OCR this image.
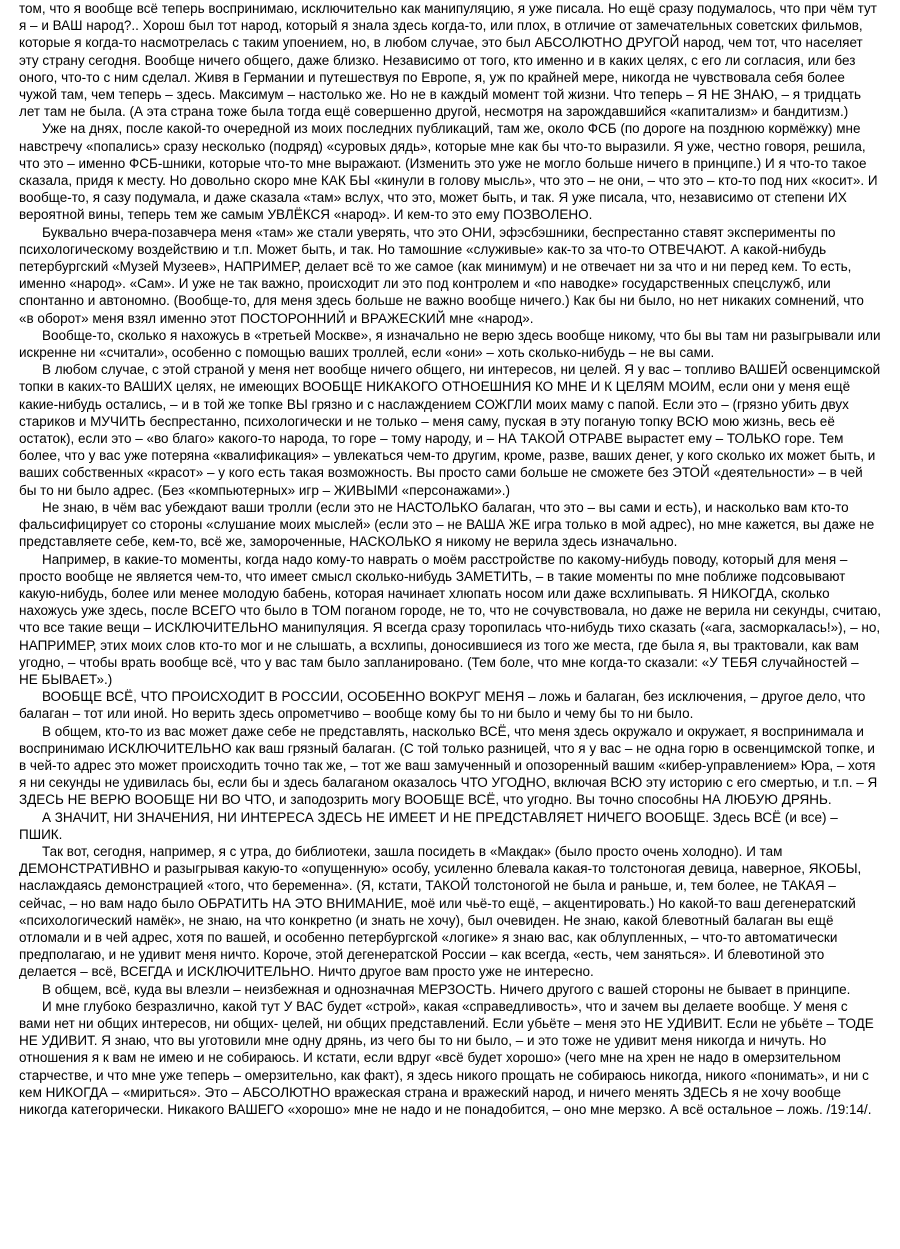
том, что я вообще всё теперь воспринимаю, исключительно как манипуляцию, я уже писала. Но ещё сразу подумалось, что при чём тут я – и ВАШ народ?.. Хорош был тот народ, который я знала здесь когда-то, или плох, в отличие от замечательных советских фильмов, которые я когда-то насмотрелась с таким упоением, но, в любом случае, это был АБСОЛЮТНО ДРУГОЙ народ, чем тот, что населяет эту страну сегодня. Вообще ничего общего, даже близко. Независимо от того, кто именно и в каких целях, с его ли согласия, или без оного, что-то с ним сделал. Живя в Германии и путешествуя по Европе, я, уж по крайней мере, никогда не чувствовала себя более чужой там, чем теперь – здесь. Максимум – настолько же. Но не в каждый момент той жизни. Что теперь – Я НЕ ЗНАЮ, – я тридцать лет там не была. (А эта страна тоже была тогда ещё совершенно другой, несмотря на зарождавшийся «капитализм» и бандитизм.)

Уже на днях, после какой-то очередной из моих последних публикаций, там же, около ФСБ (по дороге на позднюю кормёжку) мне навстречу «попались» сразу несколько (подряд) «суровых дядь», которые мне как бы что-то выразили. Я уже, честно говоря, решила, что это – именно ФСБ-шники, которые что-то мне выражают. (Изменить это уже не могло больше ничего в принципе.) И я что-то такое сказала, придя к месту. Но довольно скоро мне КАК БЫ «кинули в голову мысль», что это – не они, – что это – кто-то под них «косит». И вообще-то, я сазу подумала, и даже сказала «там» вслух, что это, может быть, и так. Я уже писала, что, независимо от степени ИХ вероятной вины, теперь тем же самым УВЛЁКСЯ «народ». И кем-то это ему ПОЗВОЛЕНО.

Буквально вчера-позавчера меня «там» же стали уверять, что это ОНИ, эфэсбэшники, беспрестанно ставят эксперименты по психологическому воздействию и т.п. Может быть, и так. Но тамошние «служивые» как-то за что-то ОТВЕЧАЮТ. А какой-нибудь петербургский «Музей Музеев», НАПРИМЕР, делает всё то же самое (как минимум) и не отвечает ни за что и ни перед кем. То есть, именно «народ». «Сам». И уже не так важно, происходит ли это под контролем и «по наводке» государственных спецслужб, или спонтанно и автономно. (Вообще-то, для меня здесь больше не важно вообще ничего.) Как бы ни было, но нет никаких сомнений, что «в оборот» меня взял именно этот ПОСТОРОННИЙ и ВРАЖЕСКИЙ мне «народ».

Вообще-то, сколько я нахожусь в «третьей Москве», я изначально не верю здесь вообще никому, что бы вы там ни разыгрывали или искренне ни «считали», особенно с помощью ваших троллей, если «они» – хоть сколько-нибудь – не вы сами.

В любом случае, с этой страной у меня нет вообще ничего общего, ни интересов, ни целей. Я у вас – топливо ВАШЕЙ освенцимской топки в каких-то ВАШИХ целях, не имеющих ВООБЩЕ НИКАКОГО ОТНОЕШНИЯ КО МНЕ И К ЦЕЛЯМ МОИМ, если они у меня ещё какие-нибудь остались, – и в той же топке ВЫ грязно и с наслаждением СОЖГЛИ моих маму с папой. Если это – (грязно убить двух стариков и МУЧИТЬ беспрестанно, психологически и не только – меня саму, пуская в эту поганую топку ВСЮ мою жизнь, весь её остаток), если это – «во благо» какого-то народа, то горе – тому народу, и – НА ТАКОЙ ОТРАВЕ вырастет ему – ТОЛЬКО горе. Тем более, что у вас уже потеряна «квалификация» – увлекаться чем-то другим, кроме, разве, ваших денег, у кого сколько их может быть, и ваших собственных «красот» – у кого есть такая возможность. Вы просто сами больше не сможете без ЭТОЙ «деятельности» – в чей бы то ни было адрес. (Без «компьютерных» игр – ЖИВЫМИ «персонажами».)

Не знаю, в чём вас убеждают ваши тролли (если это не НАСТОЛЬКО балаган, что это – вы сами и есть), и насколько вам кто-то фальсифицирует со стороны «слушание моих мыслей» (если это – не ВАША ЖЕ игра только в мой адрес), но мне кажется, вы даже не представляете себе, кем-то, всё же, замороченные, НАСКОЛЬКО я никому не верила здесь изначально.

Например, в какие-то моменты, когда надо кому-то наврать о моём расстройстве по какому-нибудь поводу, который для меня – просто вообще не является чем-то, что имеет смысл сколько-нибудь ЗАМЕТИТЬ, – в такие моменты по мне поближе подсовывают какую-нибудь, более или менее молодую бабень, которая начинает хлюпать носом или даже всхлипывать. Я НИКОГДА, сколько нахожусь уже здесь, после ВСЕГО что было в ТОМ поганом городе, не то, что не сочувствовала, но даже не верила ни секунды, считаю, что все такие вещи – ИСКЛЮЧИТЕЛЬНО манипуляция. Я всегда сразу торопилась что-нибудь тихо сказать («ага, засморкалась!»), – но, НАПРИМЕР, этих моих слов кто-то мог и не слышать, а всхлипы, доносившиеся из того же места, где была я, вы трактовали, как вам угодно, – чтобы врать вообще всё, что у вас там было запланировано. (Тем боле, что мне когда-то сказали: «У ТЕБЯ случайностей – НЕ БЫВАЕТ».)

ВООБЩЕ ВСЁ, ЧТО ПРОИСХОДИТ В РОССИИ, ОСОБЕННО ВОКРУГ МЕНЯ – ложь и балаган, без исключения, – другое дело, что балаган – тот или иной. Но верить здесь опрометчиво – вообще кому бы то ни было и чему бы то ни было.

В общем, кто-то из вас может даже себе не представлять, насколько ВСЁ, что меня здесь окружало и окружает, я воспринимала и воспринимаю ИСКЛЮЧИТЕЛЬНО как ваш грязный балаган. (С той только разницей, что я у вас – не одна горю в освенцимской топке, и в чей-то адрес это может происходить точно так же, – тот же ваш замученный и опозоренный вашим «кибер-управлением» Юра, – хотя я ни секунды не удивилась бы, если бы и здесь балаганом оказалось ЧТО УГОДНО, включая ВСЮ эту историю с его смертью, и т.п. – Я ЗДЕСЬ НЕ ВЕРЮ ВООБЩЕ НИ ВО ЧТО, и заподозрить могу ВООБЩЕ ВСЁ, что угодно. Вы точно способны НА ЛЮБУЮ ДРЯНЬ.

А ЗНАЧИТ, НИ ЗНАЧЕНИЯ, НИ ИНТЕРЕСА ЗДЕСЬ НЕ ИМЕЕТ И НЕ ПРЕДСТАВЛЯЕТ НИЧЕГО ВООБЩЕ. Здесь ВСЁ (и все) – ПШИК.

Так вот, сегодня, например, я с утра, до библиотеки, зашла посидеть в «Макдак» (было просто очень холодно). И там ДЕМОНСТРАТИВНО и разыгрывая какую-то «опущенную» особу, усиленно блевала какая-то толстоногая девица, наверное, ЯКОБЫ, наслаждаясь демонстрацией «того, что беременна». (Я, кстати, ТАКОЙ толстоногой не была и раньше, и, тем более, не ТАКАЯ – сейчас, – но вам надо было ОБРАТИТЬ НА ЭТО ВНИМАНИЕ, моё или чьё-то ещё, – акцентировать.) Но какой-то ваш дегенератский «психологический намёк», не знаю, на что конкретно (и знать не хочу), был очевиден. Не знаю, какой блевотный балаган вы ещё отломали и в чей адрес, хотя по вашей, и особенно петербургской «логике» я знаю вас, как облупленных, – что-то автоматически предполагаю, и не удивит меня ничто. Короче, этой дегенератской России – как всегда, «есть, чем заняться». И блевотиной это делается – всё, ВСЕГДА и ИСКЛЮЧИТЕЛЬНО. Ничто другое вам просто уже не интересно.

В общем, всё, куда вы влезли – неизбежная и однозначная МЕРЗОСТЬ. Ничего другого с вашей стороны не бывает в принципе.

И мне глубоко безразлично, какой тут У ВАС будет «строй», какая «справедливость», что и зачем вы делаете вообще. У меня с вами нет ни общих интересов, ни общих- целей, ни общих представлений. Если убьёте – меня это НЕ УДИВИТ. Если не убьёте – ТОДЕ НЕ УДИВИТ. Я знаю, что вы уготовили мне одну дрянь, из чего бы то ни было, – и это тоже не удивит меня никогда и ничуть. Но отношения я к вам не имею и не собираюсь. И кстати, если вдруг «всё будет хорошо» (чего мне на хрен не надо в омерзительном старчестве, и что мне уже теперь – омерзительно, как факт), я здесь никого прощать не собираюсь никогда, никого «понимать», и ни с кем НИКОГДА – «мириться». Это – АБСОЛЮТНО вражеская страна и вражеский народ, и ничего менять ЗДЕСЬ я не хочу вообще никогда категорически. Никакого ВАШЕГО «хорошо» мне не надо и не понадобится, – оно мне мерзко. А всё остальное – ложь. /19:14/.
